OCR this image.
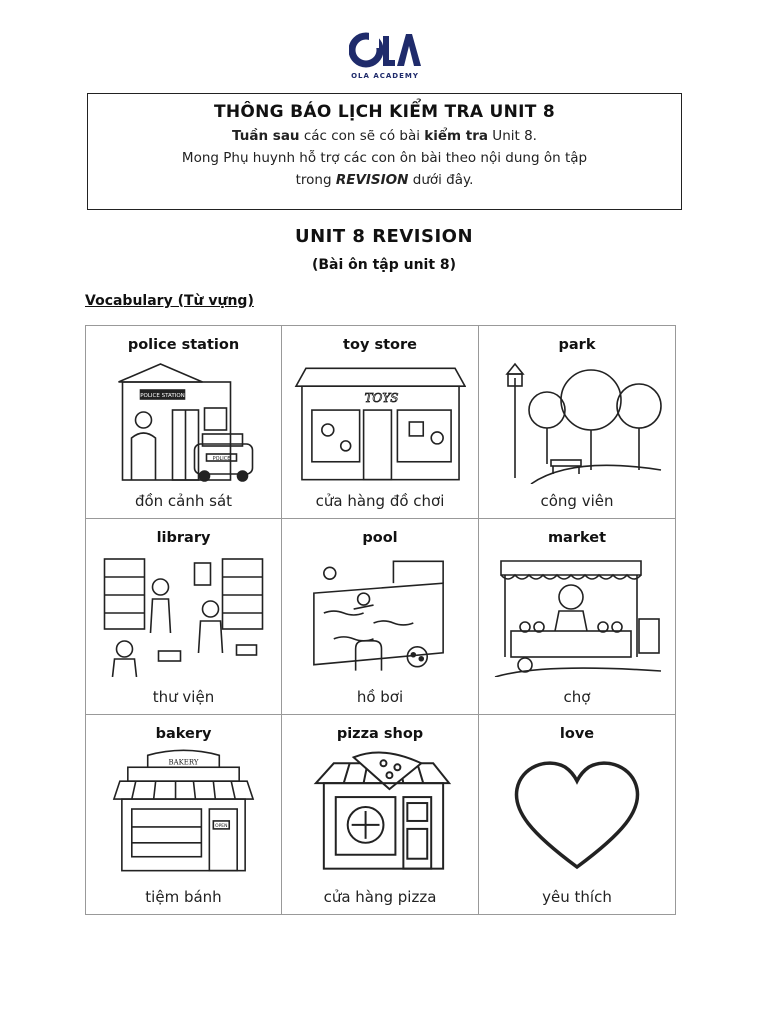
OLA ACADEMY
THÔNG BÁO LỊCH KIỂM TRA UNIT 8
Tuần sau các con sẽ có bài kiểm tra Unit 8.
Mong Phụ huynh hỗ trợ các con ôn bài theo nội dung ôn tập
trong REVISION dưới đây.
UNIT 8 REVISION
(Bài ôn tập unit 8)
Vocabulary (Từ vựng)
police station
POLICE STATION
POLICE
đồn cảnh sát
toy store
TOYS
cửa hàng đồ chơi
park
công viên
library
thư viện
pool
hồ bơi
market
chợ
bakery
BAKERY
OPEN
tiệm bánh
pizza shop
cửa hàng pizza
love
yêu thích
